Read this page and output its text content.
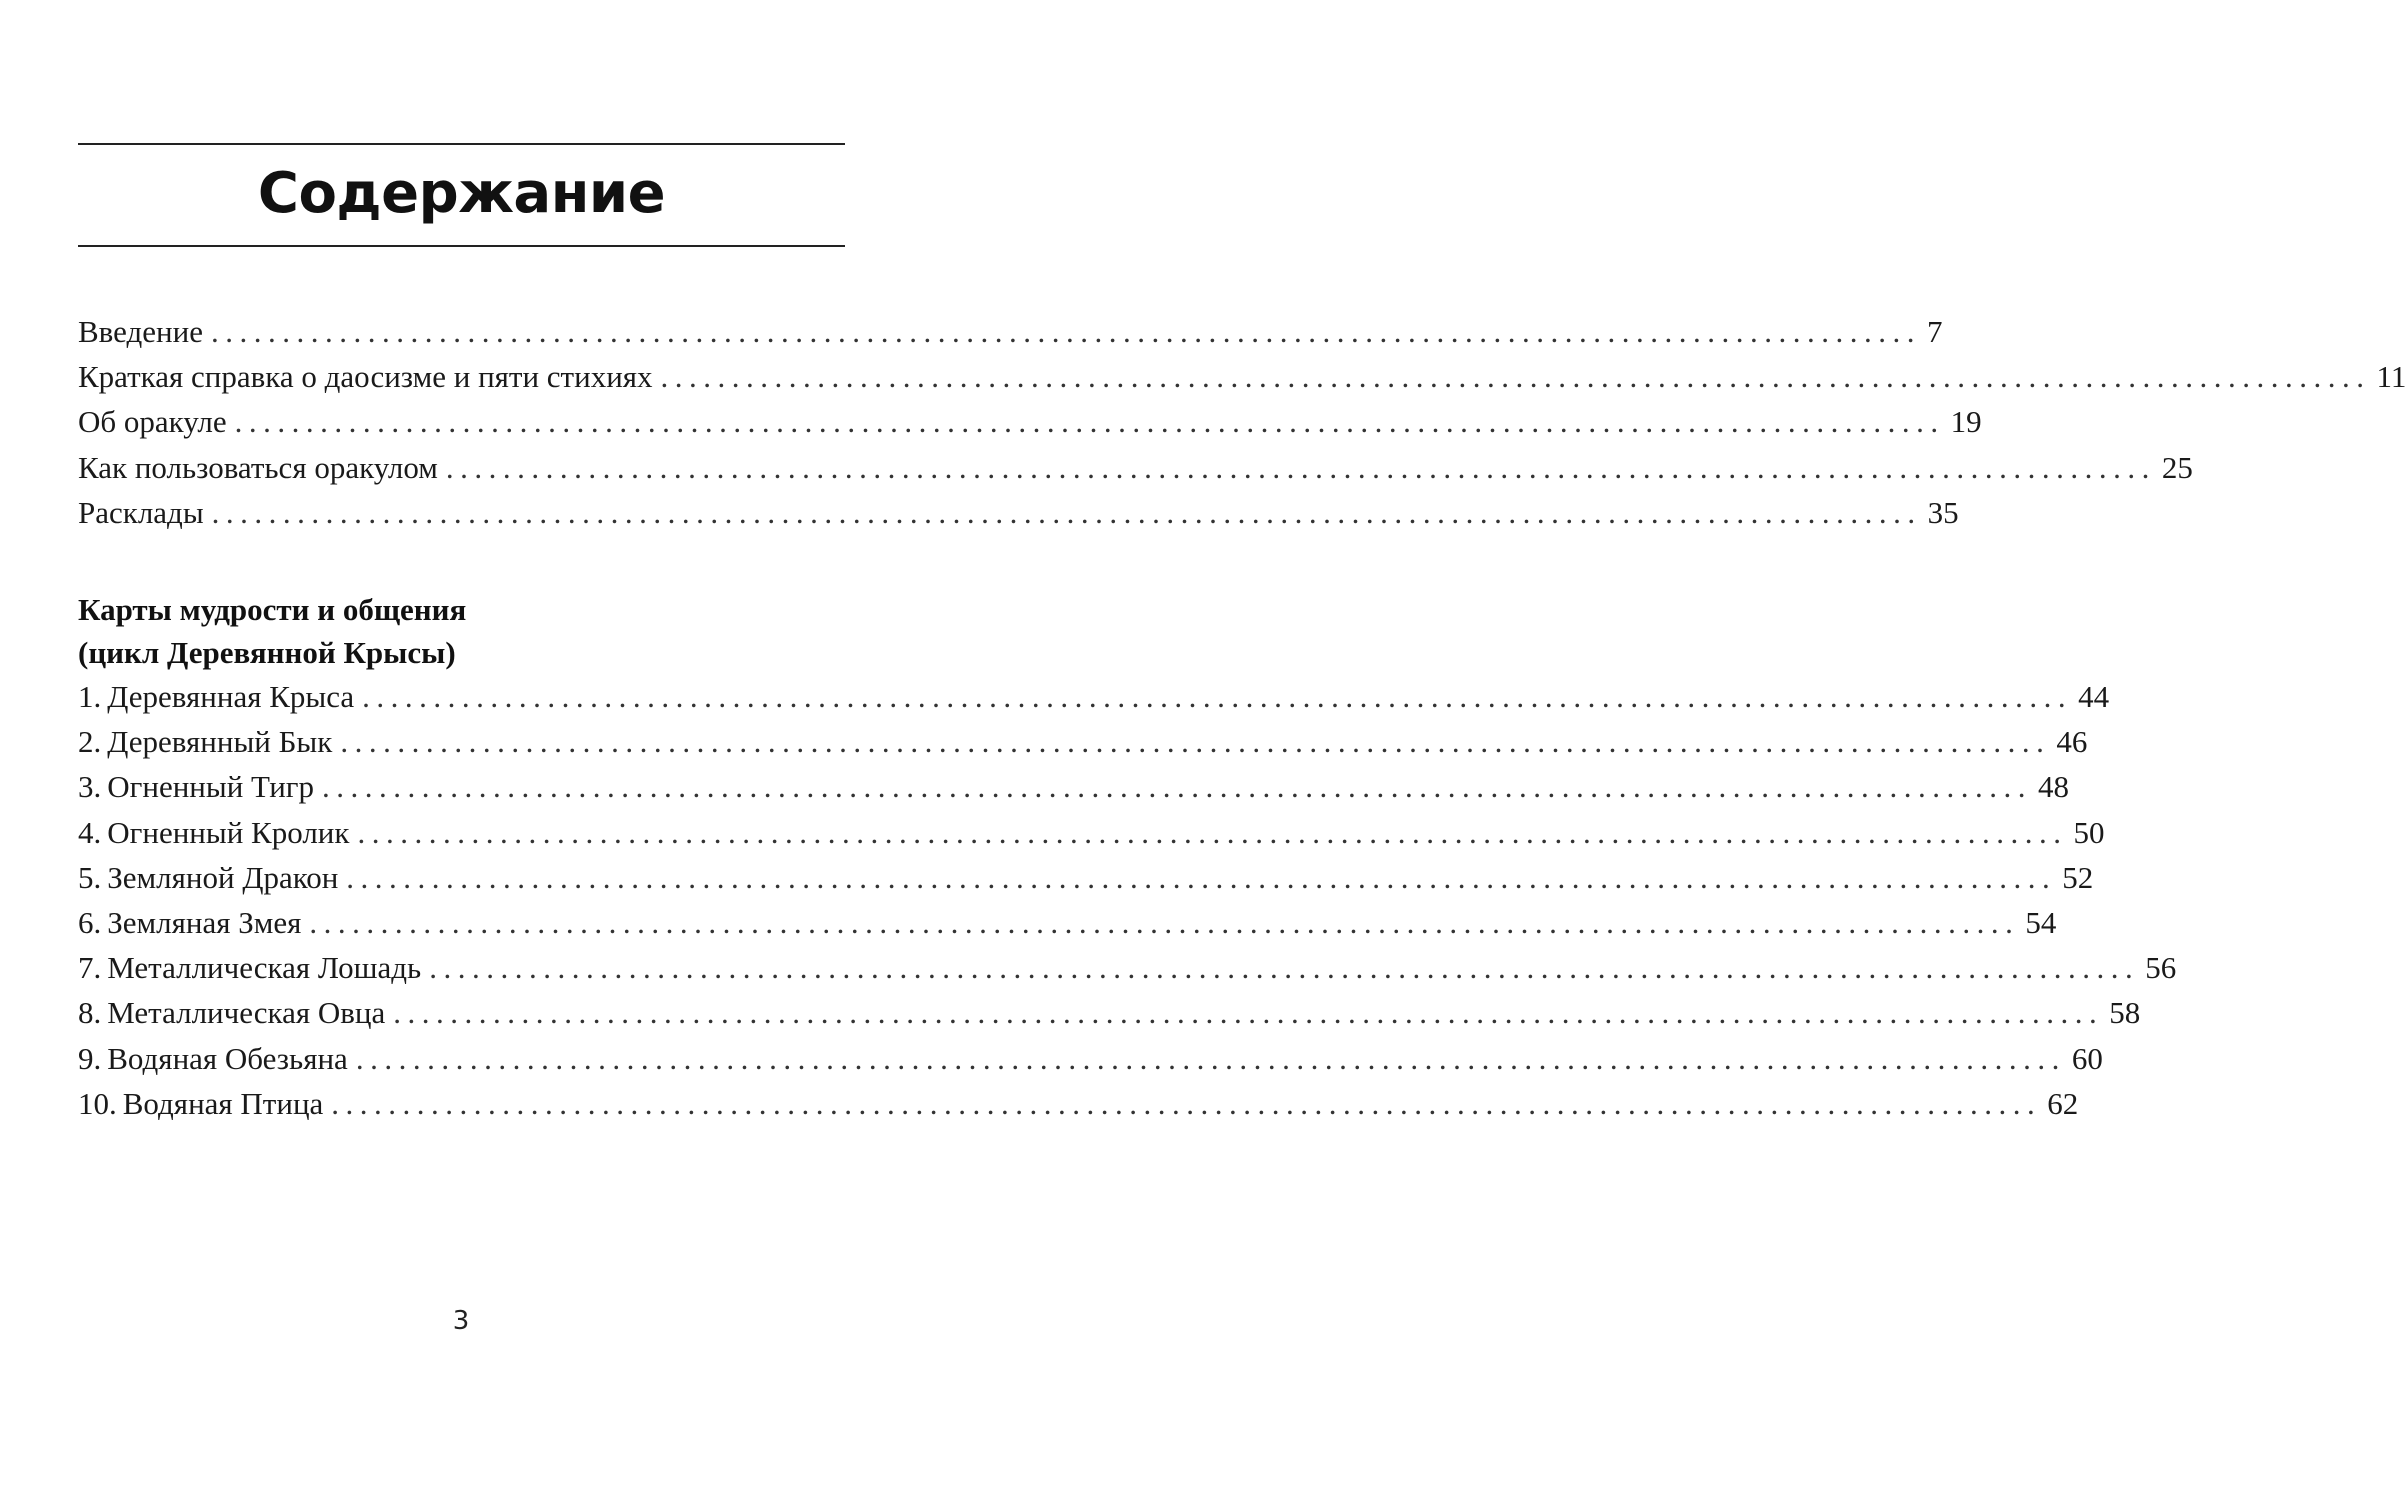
Содержание
Введение ........................................................................................................................ 7
Краткая справка о даосизме и пяти стихиях ........................................................................................................................ 11
Об оракуле ........................................................................................................................ 19
Как пользоваться оракулом ........................................................................................................................ 25
Расклады ........................................................................................................................ 35
Карты мудрости и общения
(цикл Деревянной Крысы)
1. Деревянная Крыса ........................................................................................................................ 44
2. Деревянный Бык ........................................................................................................................ 46
3. Огненный Тигр ........................................................................................................................ 48
4. Огненный Кролик ........................................................................................................................ 50
5. Земляной Дракон ........................................................................................................................ 52
6. Земляная Змея ........................................................................................................................ 54
7. Металлическая Лошадь ........................................................................................................................ 56
8. Металлическая Овца ........................................................................................................................ 58
9. Водяная Обезьяна ........................................................................................................................ 60
10. Водяная Птица ........................................................................................................................ 62
3
